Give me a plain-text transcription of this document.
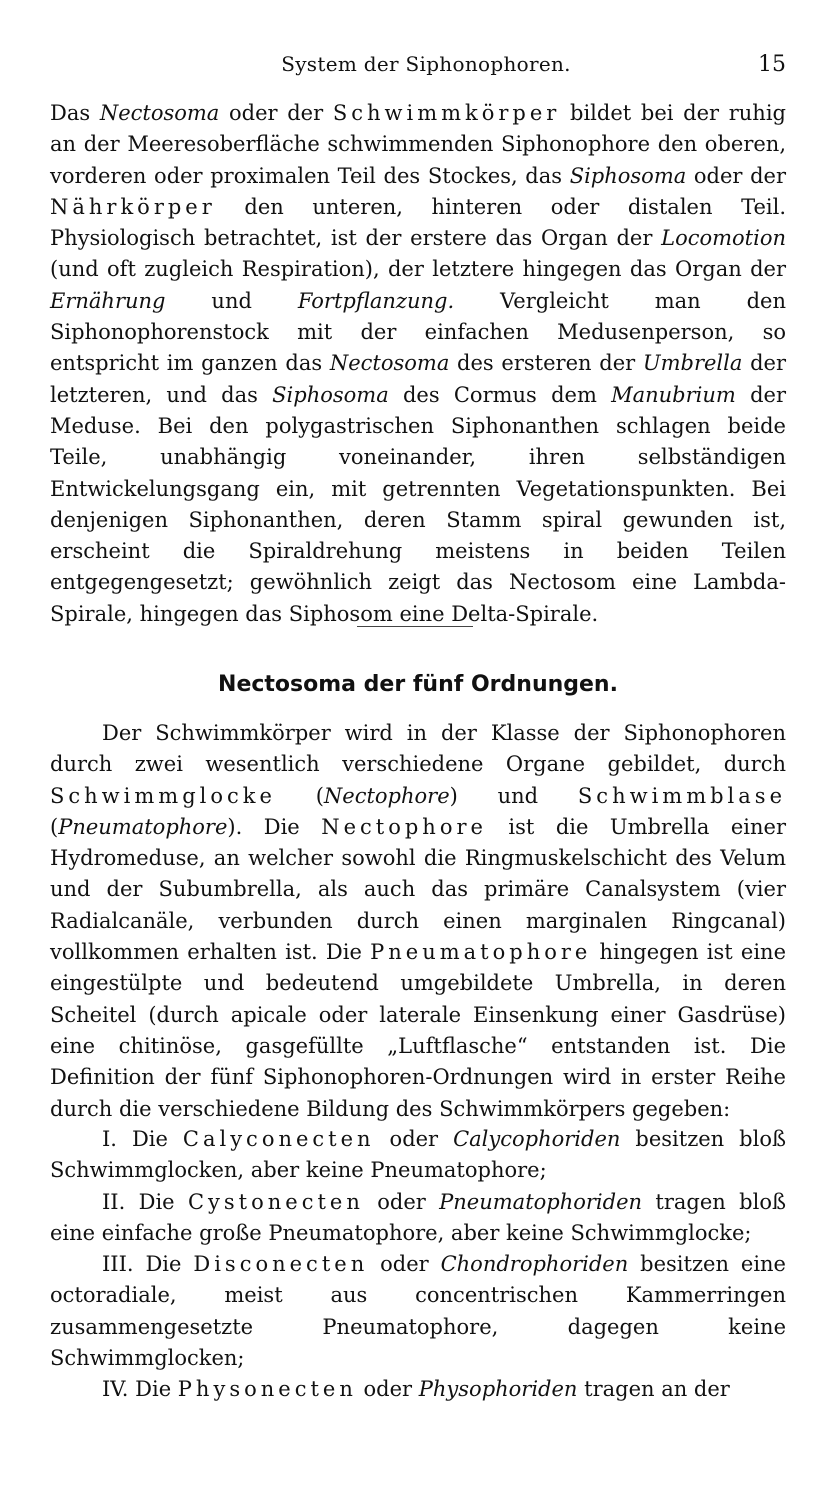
System der Siphonophoren.	15

Das Nectosoma oder der Schwimmkörper bildet bei der ruhig an der Meeresoberfläche schwimmenden Siphonophore den oberen, vorderen oder proximalen Teil des Stockes, das Siphosoma oder der Nährkörper den unteren, hinteren oder distalen Teil. Physiologisch betrachtet, ist der erstere das Organ der Locomotion (und oft zugleich Respiration), der letztere hingegen das Organ der Ernährung und Fortpflanzung. Vergleicht man den Siphonophorenstock mit der einfachen Medusenperson, so entspricht im ganzen das Nectosoma des ersteren der Umbrella der letzteren, und das Siphosoma des Cormus dem Manubrium der Meduse. Bei den polygastrischen Siphonanthen schlagen beide Teile, unabhängig voneinander, ihren selbständigen Entwickelungsgang ein, mit getrennten Vegetationspunkten. Bei denjenigen Siphonanthen, deren Stamm spiral gewunden ist, erscheint die Spiraldrehung meistens in beiden Teilen entgegengesetzt; gewöhnlich zeigt das Nectosom eine Lambda-Spirale, hingegen das Siphosom eine Delta-Spirale.

Nectosoma der fünf Ordnungen.

Der Schwimmkörper wird in der Klasse der Siphonophoren durch zwei wesentlich verschiedene Organe gebildet, durch Schwimmglocke (Nectophore) und Schwimmblase (Pneumatophore). Die Nectophore ist die Umbrella einer Hydromeduse, an welcher sowohl die Ringmuskelschicht des Velum und der Subumbrella, als auch das primäre Canalsystem (vier Radialcanäle, verbunden durch einen marginalen Ringcanal) vollkommen erhalten ist. Die Pneumatophore hingegen ist eine eingestülpte und bedeutend umgebildete Umbrella, in deren Scheitel (durch apicale oder laterale Einsenkung einer Gasdrüse) eine chitinöse, gasgefüllte „Luftflasche“ entstanden ist. Die Definition der fünf Siphonophoren-Ordnungen wird in erster Reihe durch die verschiedene Bildung des Schwimmkörpers gegeben:

I. Die Calyconecten oder Calycophoriden besitzen bloß Schwimmglocken, aber keine Pneumatophore;
II. Die Cystonecten oder Pneumatophoriden tragen bloß eine einfache große Pneumatophore, aber keine Schwimmglocke;
III. Die Disconecten oder Chondrophoriden besitzen eine octoradiale, meist aus concentrischen Kammerringen zusammengesetzte Pneumatophore, dagegen keine Schwimmglocken;
IV. Die Physonecten oder Physophoriden tragen an der
